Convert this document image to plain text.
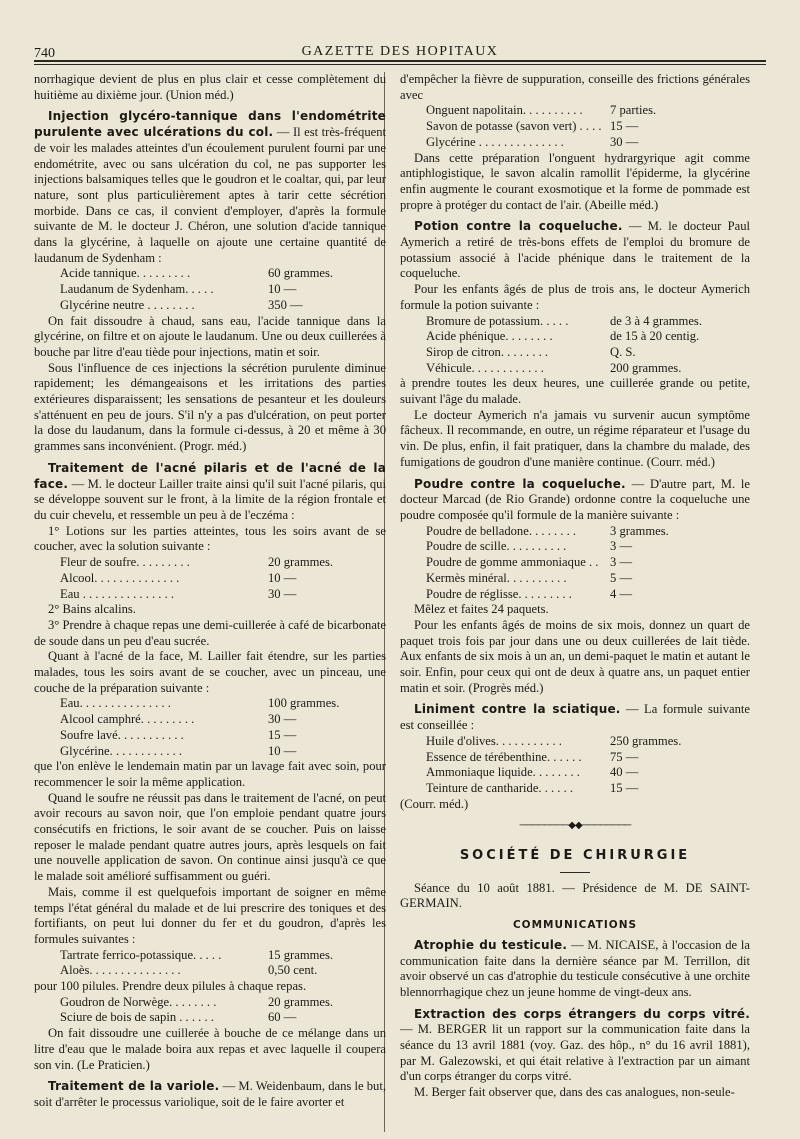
740	GAZETTE DES HOPITAUX

norrhagique devient de plus en plus clair et cesse complètement du huitième au dixième jour. (Union méd.)

Injection glycéro-tannique dans l'endométrite purulente avec ulcérations du col. — Il est très-fréquent de voir les malades atteintes d'un écoulement purulent fourni par une endométrite, avec ou sans ulcération du col, ne pas supporter les injections balsamiques telles que le goudron et le coaltar, qui, par leur nature, sont plus particulièrement aptes à tarir cette sécrétion morbide. Dans ce cas, il convient d'employer, d'après la formule suivante de M. le docteur J. Chéron, une solution d'acide tannique dans la glycérine, à laquelle on ajoute une certaine quantité de laudanum de Sydenham :

Acide tannique. . . . . . . . .	60 grammes.
Laudanum de Sydenham. . . . .	10 —
Glycérine neutre . . . . . . . .	350 —

On fait dissoudre à chaud, sans eau, l'acide tannique dans la glycérine, on filtre et on ajoute le laudanum. Une ou deux cuillerées à bouche par litre d'eau tiède pour injections, matin et soir.

Sous l'influence de ces injections la sécrétion purulente diminue rapidement; les démangeaisons et les irritations des parties extérieures disparaissent; les sensations de pesanteur et les douleurs s'atténuent en peu de jours. S'il n'y a pas d'ulcération, on peut porter la dose du laudanum, dans la formule ci-dessus, à 20 et même à 30 grammes sans inconvénient. (Progr. méd.)

Traitement de l'acné pilaris et de l'acné de la face. — M. le docteur Lailler traite ainsi qu'il suit l'acné pilaris, qui se développe souvent sur le front, à la limite de la région frontale et du cuir chevelu, et ressemble un peu à de l'eczéma :

1° Lotions sur les parties atteintes, tous les soirs avant de se coucher, avec la solution suivante :

Fleur de soufre. . . . . . . . .	20 grammes.
Alcool. . . . . . . . . . . . . .	10 —
Eau . . . . . . . . . . . . . . .	30 —

2° Bains alcalins.

3° Prendre à chaque repas une demi-cuillerée à café de bicarbonate de soude dans un peu d'eau sucrée.

Quant à l'acné de la face, M. Lailler fait étendre, sur les parties malades, tous les soirs avant de se coucher, avec un pinceau, une couche de la préparation suivante :

Eau. . . . . . . . . . . . . . .	100 grammes.
Alcool camphré. . . . . . . . .	30 —
Soufre lavé. . . . . . . . . . .	15 —
Glycérine. . . . . . . . . . . .	10 —

que l'on enlève le lendemain matin par un lavage fait avec soin, pour recommencer le soir la même application.

Quand le soufre ne réussit pas dans le traitement de l'acné, on peut avoir recours au savon noir, que l'on emploie pendant quatre jours consécutifs en frictions, le soir avant de se coucher. Puis on laisse reposer le malade pendant quatre autres jours, après lesquels on fait une nouvelle application de savon. On continue ainsi jusqu'à ce que le malade soit amélioré suffisamment ou guéri.

Mais, comme il est quelquefois important de soigner en même temps l'état général du malade et de lui prescrire des toniques et des fortifiants, on peut lui donner du fer et du goudron, d'après les formules suivantes :

Tartrate ferrico-potassique. . . . .	15 grammes.
Aloès. . . . . . . . . . . . . . .	0,50 cent.

pour 100 pilules. Prendre deux pilules à chaque repas.

Goudron de Norwège. . . . . . . .	20 grammes.
Sciure de bois de sapin . . . . . .	60 —

On fait dissoudre une cuillerée à bouche de ce mélange dans un litre d'eau que le malade boira aux repas et avec laquelle il coupera son vin. (Le Praticien.)

Traitement de la variole. — M. Weidenbaum, dans le but, soit d'arrêter le processus variolique, soit de le faire avorter et

d'empêcher la fièvre de suppuration, conseille des frictions générales avec

Onguent napolitain. . . . . . . . . .	7 parties.
Savon de potasse (savon vert) . . . . 15 —
Glycérine . . . . . . . . . . . . . .	30 —

Dans cette préparation l'onguent hydrargyrique agit comme antiphlogistique, le savon alcalin ramollit l'épiderme, la glycérine enfin augmente le courant exosmotique et la forme de pommade est propre à protéger du contact de l'air. (Abeille méd.)

Potion contre la coqueluche. — M. le docteur Paul Aymerich a retiré de très-bons effets de l'emploi du bromure de potassium associé à l'acide phénique dans le traitement de la coqueluche.

Pour les enfants âgés de plus de trois ans, le docteur Aymerich formule la potion suivante :

Bromure de potassium. . . . .	de 3 à 4 grammes.
Acide phénique. . . . . . . .	de 15 à 20 centig.
Sirop de citron. . . . . . . .	Q. S.
Véhicule. . . . . . . . . . . .	200 grammes.

à prendre toutes les deux heures, une cuillerée grande ou petite, suivant l'âge du malade.

Le docteur Aymerich n'a jamais vu survenir aucun symptôme fâcheux. Il recommande, en outre, un régime réparateur et l'usage du vin. De plus, enfin, il fait pratiquer, dans la chambre du malade, des fumigations de goudron d'une manière continue. (Courr. méd.)

Poudre contre la coqueluche. — D'autre part, M. le docteur Marcad (de Rio Grande) ordonne contre la coqueluche une poudre composée qu'il formule de la manière suivante :

Poudre de belladone. . . . . . . .	3 grammes.
Poudre de scille. . . . . . . . . .	3 —
Poudre de gomme ammoniaque . . 3 —
Kermès minéral. . . . . . . . . .	5 —
Poudre de réglisse. . . . . . . . .	4 —

Mêlez et faites 24 paquets.

Pour les enfants âgés de moins de six mois, donnez un quart de paquet trois fois par jour dans une ou deux cuillerées de lait tiède. Aux enfants de six mois à un an, un demi-paquet le matin et autant le soir. Enfin, pour ceux qui ont de deux à quatre ans, un paquet entier matin et soir. (Progrès méd.)

Liniment contre la sciatique. — La formule suivante est conseillée :

Huile d'olives. . . . . . . . . . .	250 grammes.
Essence de térébenthine. . . . . .	75 —
Ammoniaque liquide. . . . . . . .	40 —
Teinture de cantharide. . . . . .	15 —

(Courr. méd.)

────────◆◆────────
SOCIÉTÉ DE CHIRURGIE

Séance du 10 août 1881. — Présidence de M. DE SAINT-GERMAIN.

COMMUNICATIONS

Atrophie du testicule. — M. NICAISE, à l'occasion de la communication faite dans la dernière séance par M. Terrillon, dit avoir observé un cas d'atrophie du testicule consécutive à une orchite blennorrhagique chez un jeune homme de vingt-deux ans.

Extraction des corps étrangers du corps vitré. — M. BERGER lit un rapport sur la communication faite dans la séance du 13 avril 1881 (voy. Gaz. des hôp., n° du 16 avril 1881), par M. Galezowski, et qui était relative à l'extraction par un aimant d'un corps étranger du corps vitré.

M. Berger fait observer que, dans des cas analogues, non-seule-
